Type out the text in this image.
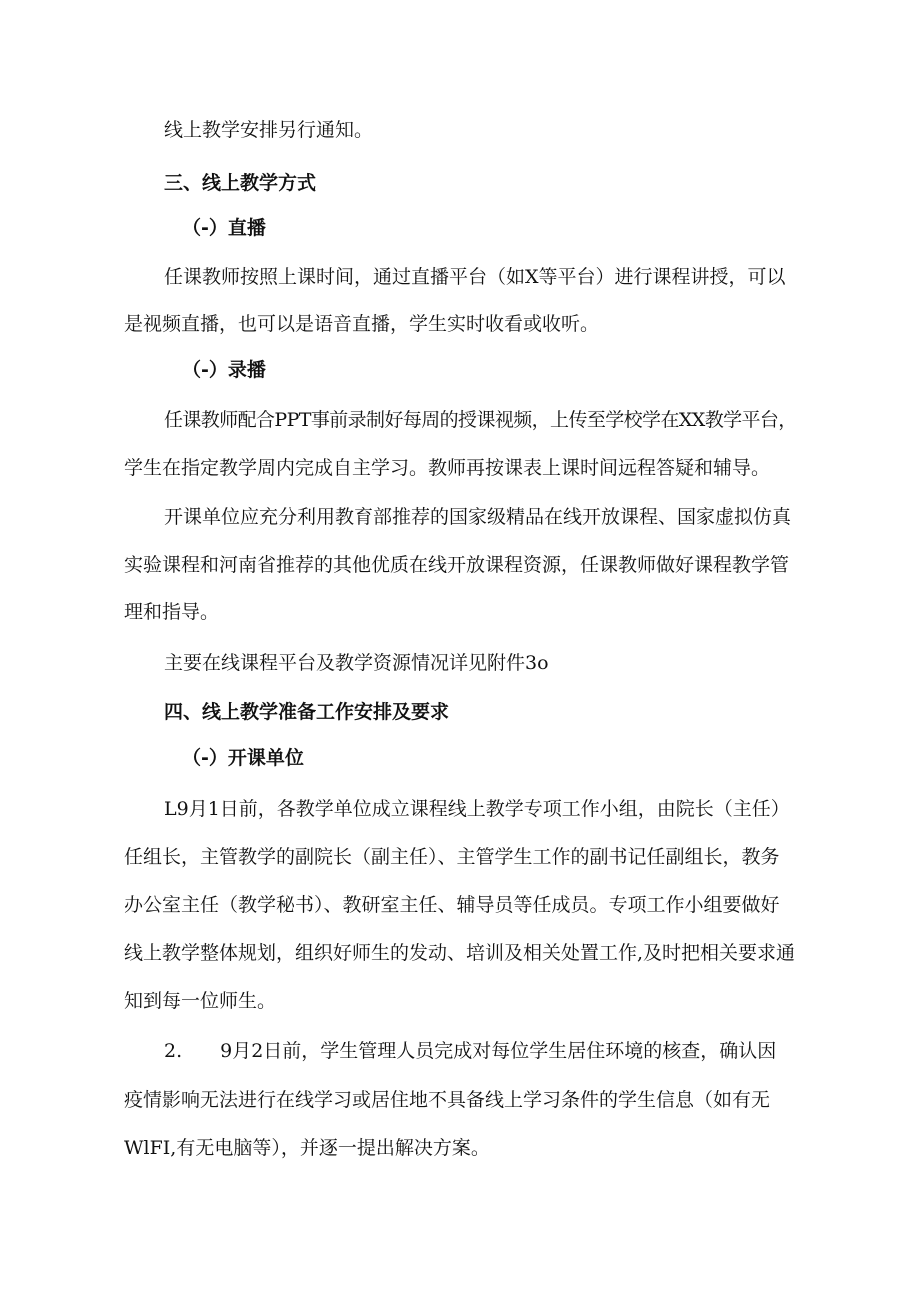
线上教学安排另行通知。
三、线上教学方式
（-）直播
任课教师按照上课时间，通过直播平台（如X等平台）进行课程讲授，可以
是视频直播，也可以是语音直播，学生实时收看或收听。
（-）录播
任课教师配合PPT事前录制好每周的授课视频，上传至学校学在XX教学平台，
学生在指定教学周内完成自主学习。教师再按课表上课时间远程答疑和辅导。
开课单位应充分利用教育部推荐的国家级精品在线开放课程、国家虚拟仿真
实验课程和河南省推荐的其他优质在线开放课程资源，任课教师做好课程教学管
理和指导。
主要在线课程平台及教学资源情况详见附件3o
四、线上教学准备工作安排及要求
（-）开课单位
L9月1日前，各教学单位成立课程线上教学专项工作小组，由院长（主任）
任组长，主管教学的副院长（副主任）、主管学生工作的副书记任副组长，教务
办公室主任（教学秘书）、教研室主任、辅导员等任成员。专项工作小组要做好
线上教学整体规划，组织好师生的发动、培训及相关处置工作,及时把相关要求通
知到每一位师生。
2.　　9月2日前，学生管理人员完成对每位学生居住环境的核查，确认因
疫情影响无法进行在线学习或居住地不具备线上学习条件的学生信息（如有无
WlFI,有无电脑等），并逐一提出解决方案。
